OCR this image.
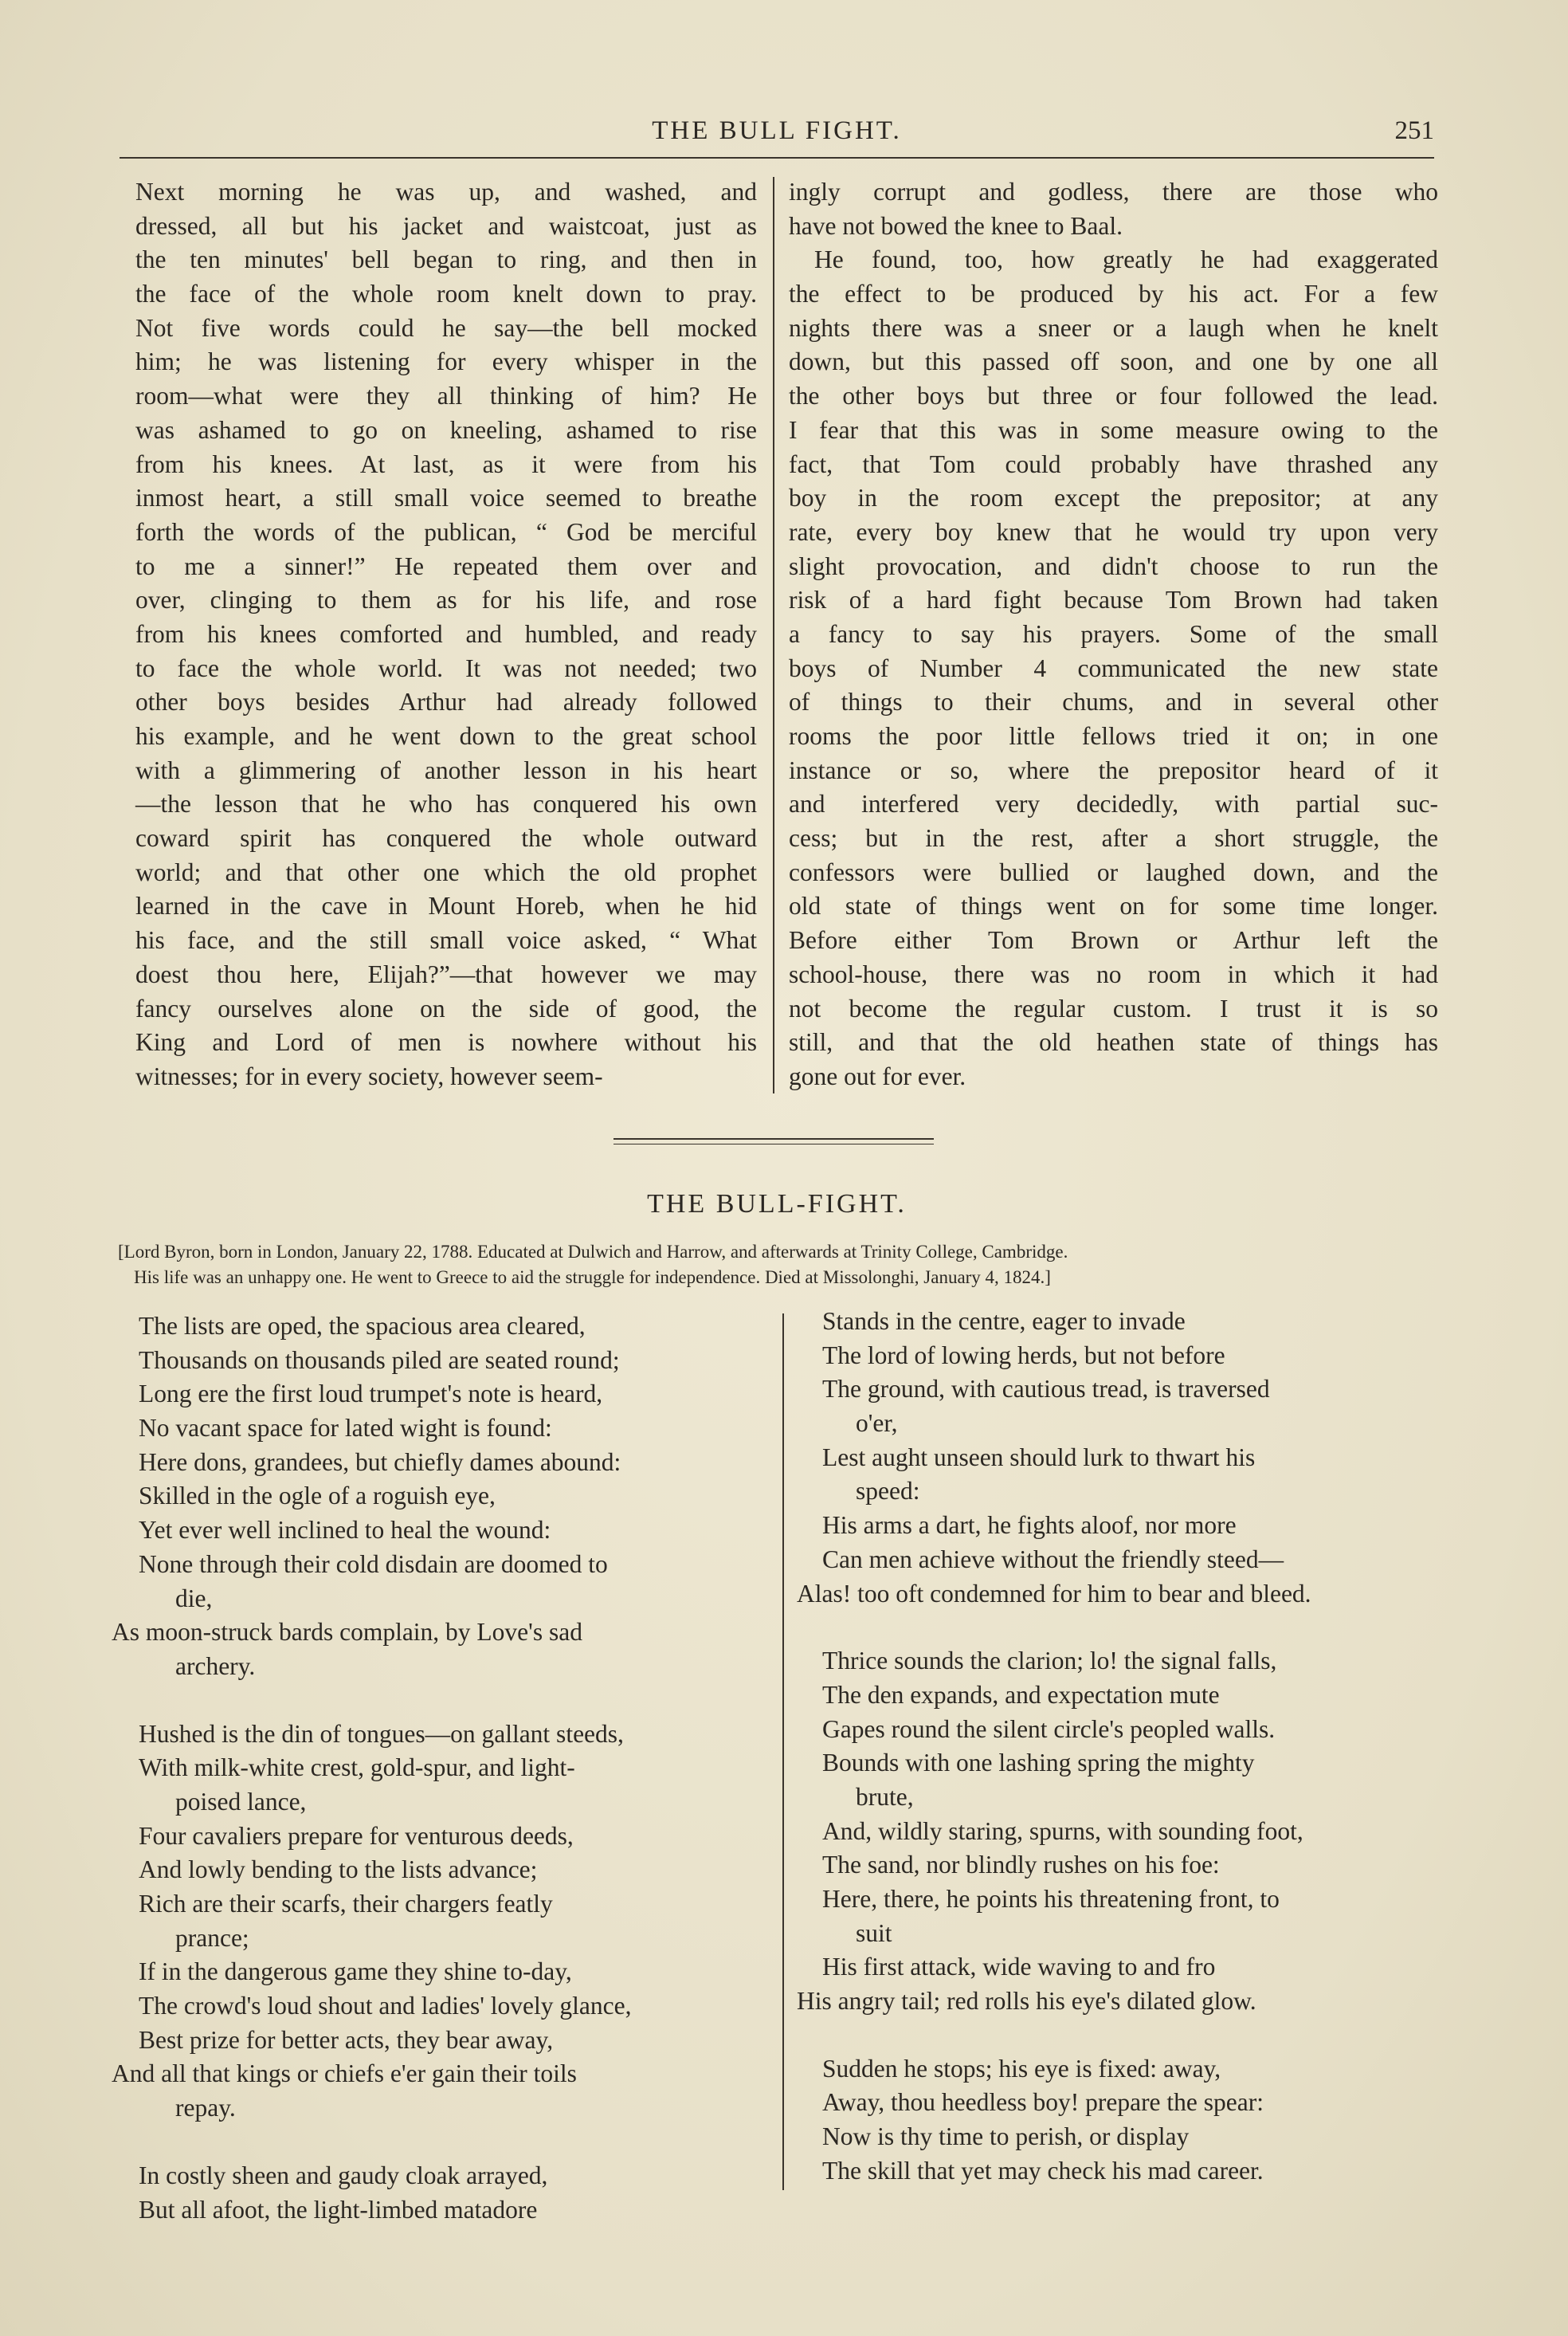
THE BULL FIGHT.	251
Next morning he was up, and washed, and
dressed, all but his jacket and waistcoat, just as
the ten minutes' bell began to ring, and then in
the face of the whole room knelt down to pray.
Not five words could he say—the bell mocked
him; he was listening for every whisper in the
room—what were they all thinking of him? He
was ashamed to go on kneeling, ashamed to rise
from his knees. At last, as it were from his
inmost heart, a still small voice seemed to breathe
forth the words of the publican, “ God be merciful
to me a sinner!” He repeated them over and
over, clinging to them as for his life, and rose
from his knees comforted and humbled, and ready
to face the whole world. It was not needed; two
other boys besides Arthur had already followed
his example, and he went down to the great school
with a glimmering of another lesson in his heart
—the lesson that he who has conquered his own
coward spirit has conquered the whole outward
world; and that other one which the old prophet
learned in the cave in Mount Horeb, when he hid
his face, and the still small voice asked, “ What
doest thou here, Elijah?”—that however we may
fancy ourselves alone on the side of good, the
King and Lord of men is nowhere without his
witnesses; for in every society, however seem-
ingly corrupt and godless, there are those who
have not bowed the knee to Baal.
He found, too, how greatly he had exaggerated
the effect to be produced by his act. For a few
nights there was a sneer or a laugh when he knelt
down, but this passed off soon, and one by one all
the other boys but three or four followed the lead.
I fear that this was in some measure owing to the
fact, that Tom could probably have thrashed any
boy in the room except the prepositor; at any
rate, every boy knew that he would try upon very
slight provocation, and didn't choose to run the
risk of a hard fight because Tom Brown had taken
a fancy to say his prayers. Some of the small
boys of Number 4 communicated the new state
of things to their chums, and in several other
rooms the poor little fellows tried it on; in one
instance or so, where the prepositor heard of it
and interfered very decidedly, with partial suc-
cess; but in the rest, after a short struggle, the
confessors were bullied or laughed down, and the
old state of things went on for some time longer.
Before either Tom Brown or Arthur left the
school-house, there was no room in which it had
not become the regular custom. I trust it is so
still, and that the old heathen state of things has
gone out for ever.
THE BULL-FIGHT.
[Lord Byron, born in London, January 22, 1788. Educated at Dulwich and Harrow, and afterwards at Trinity College, Cambridge.
His life was an unhappy one. He went to Greece to aid the struggle for independence. Died at Missolonghi, January 4, 1824.]
The lists are oped, the spacious area cleared,
Thousands on thousands piled are seated round;
Long ere the first loud trumpet's note is heard,
No vacant space for lated wight is found:
Here dons, grandees, but chiefly dames abound:
Skilled in the ogle of a roguish eye,
Yet ever well inclined to heal the wound:
None through their cold disdain are doomed to
die,
As moon-struck bards complain, by Love's sad
archery.
Hushed is the din of tongues—on gallant steeds,
With milk-white crest, gold-spur, and light-
poised lance,
Four cavaliers prepare for venturous deeds,
And lowly bending to the lists advance;
Rich are their scarfs, their chargers featly
prance;
If in the dangerous game they shine to-day,
The crowd's loud shout and ladies' lovely glance,
Best prize for better acts, they bear away,
And all that kings or chiefs e'er gain their toils
repay.
In costly sheen and gaudy cloak arrayed,
But all afoot, the light-limbed matadore
Stands in the centre, eager to invade
The lord of lowing herds, but not before
The ground, with cautious tread, is traversed
o'er,
Lest aught unseen should lurk to thwart his
speed:
His arms a dart, he fights aloof, nor more
Can men achieve without the friendly steed—
Alas! too oft condemned for him to bear and bleed.
Thrice sounds the clarion; lo! the signal falls,
The den expands, and expectation mute
Gapes round the silent circle's peopled walls.
Bounds with one lashing spring the mighty
brute,
And, wildly staring, spurns, with sounding foot,
The sand, nor blindly rushes on his foe:
Here, there, he points his threatening front, to
suit
His first attack, wide waving to and fro
His angry tail; red rolls his eye's dilated glow.
Sudden he stops; his eye is fixed: away,
Away, thou heedless boy! prepare the spear:
Now is thy time to perish, or display
The skill that yet may check his mad career.
